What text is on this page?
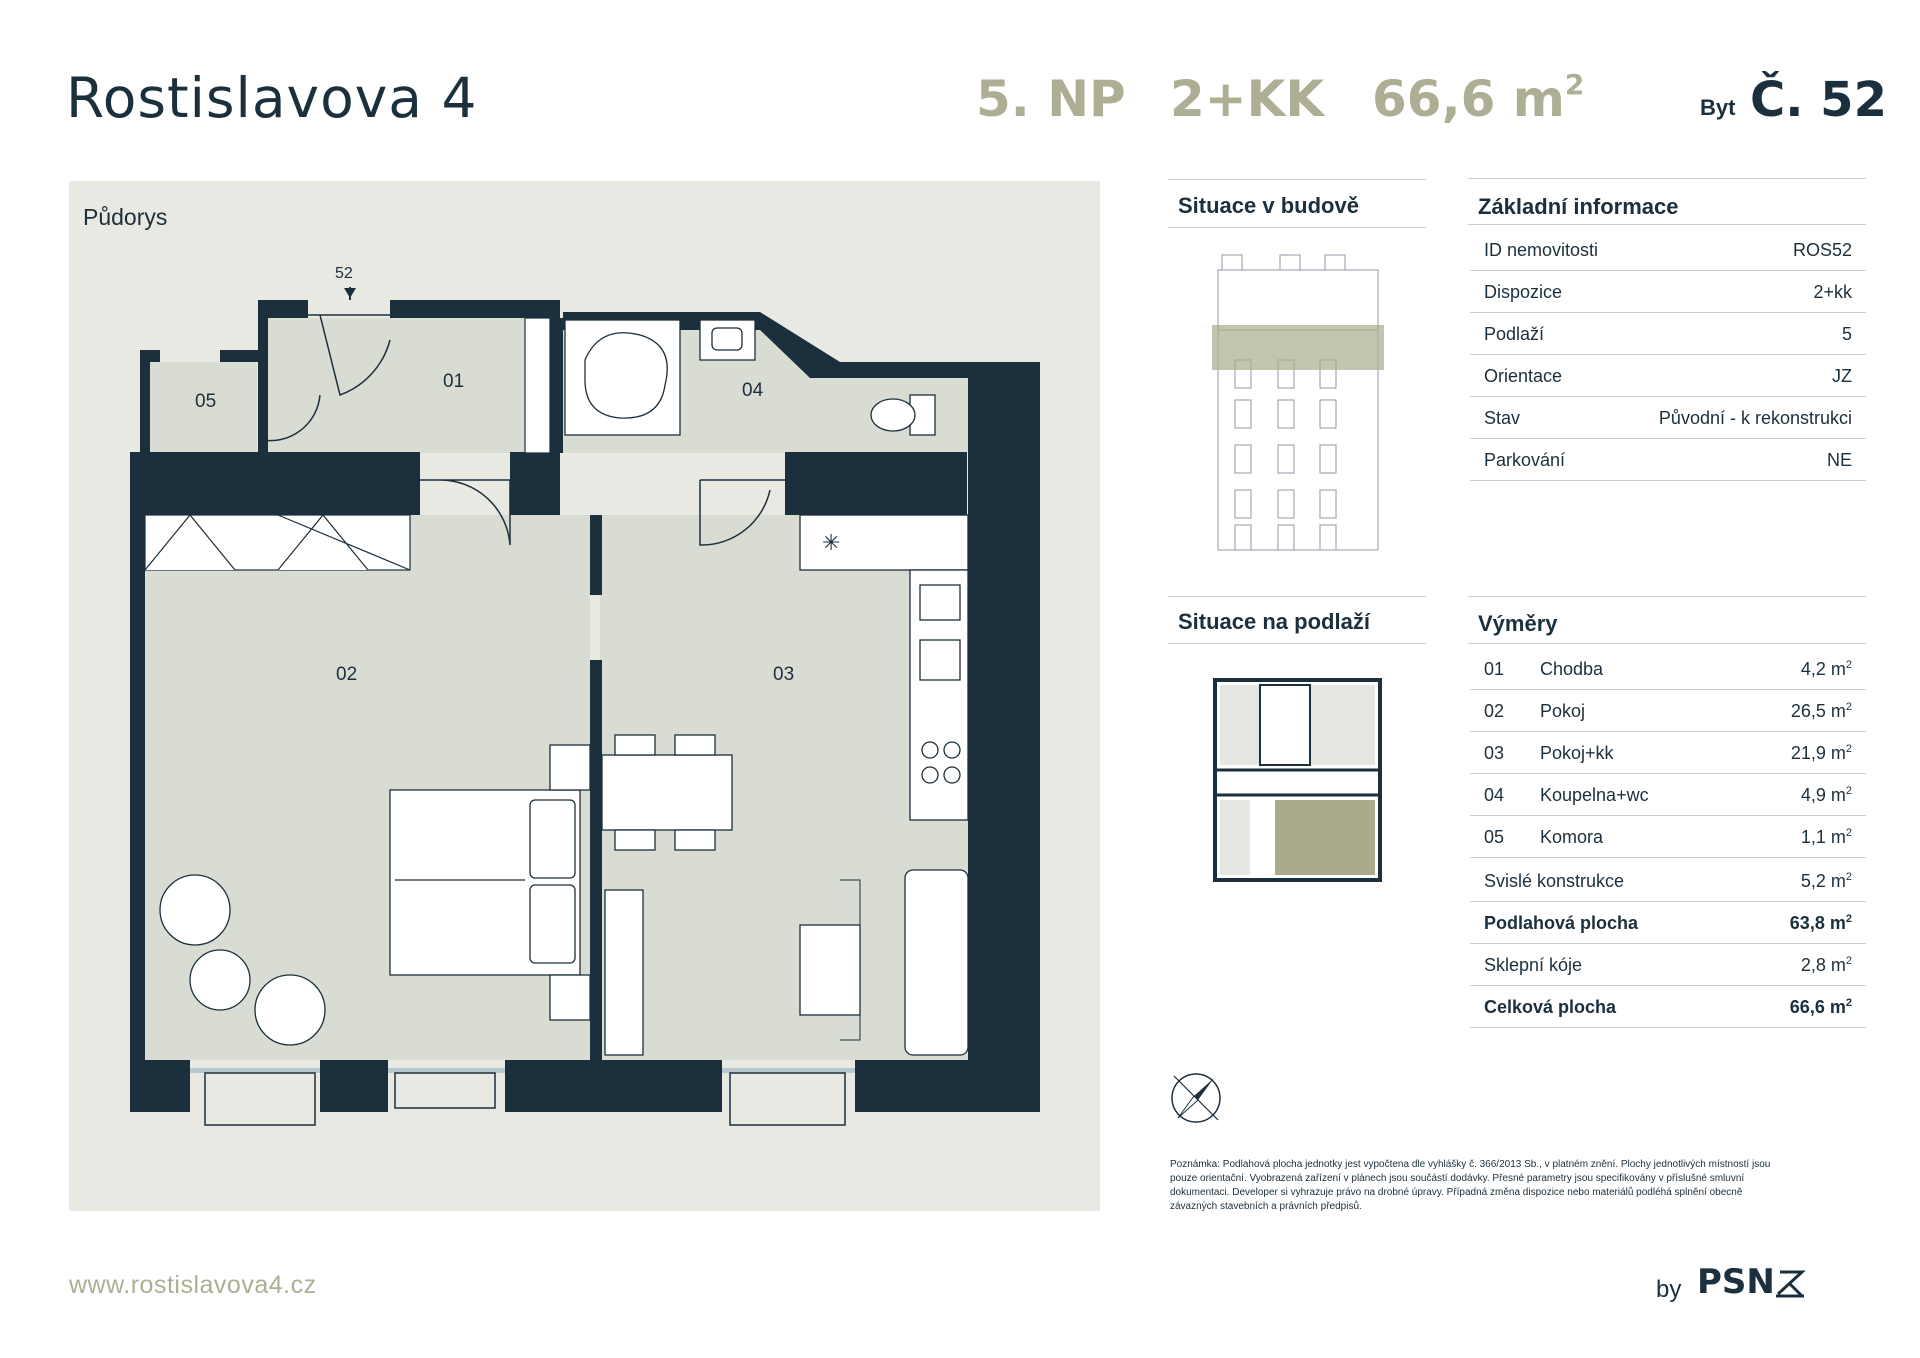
Rostislavova 4	5. NP 2+KK 66,6 $m^2$
Byt Č. 52
Půdorys
52
✳
01
02	03
04
05
Situace v budově
Situace na podlaží
Základní informace
ID nemovitosti	ROS52
Dispozice	2+kk
Podlaží	5
Orientace	JZ
Stav	Původní - k rekonstrukci
Parkování	NE
Výměry
01 Chodba	4,2 $m^2$
02 Pokoj	26,5 $m^2$
03 Pokoj+kk	21,9 $m^2$
04 Koupelna+wc	4,9 $m^2$
05 Komora	1,1 $m^2$
Svislé konstrukce	5,2 $m^2$
Podlahová plocha	63,8 $m^2$
Sklepní kóje	2,8 $m^2$
Celková plocha	66,6 $m^2$
Poznámka: Podlahová plocha jednotky jest vypočtena dle vyhlášky č. 366/2013 Sb., v platném znění. Plochy jednotlivých místností jsou pouze orientační. Vyobrazená zařízení v plánech jsou součástí dodávky. Přesné parametry jsou specifikovány v příslušné smluvní dokumentaci. Developer si vyhrazuje právo na drobné úpravy. Případná změna dispozice nebo materiálů podléhá splnění obecně závazných stavebních a právních předpisů.
www.rostislavova4.cz	by PSN
